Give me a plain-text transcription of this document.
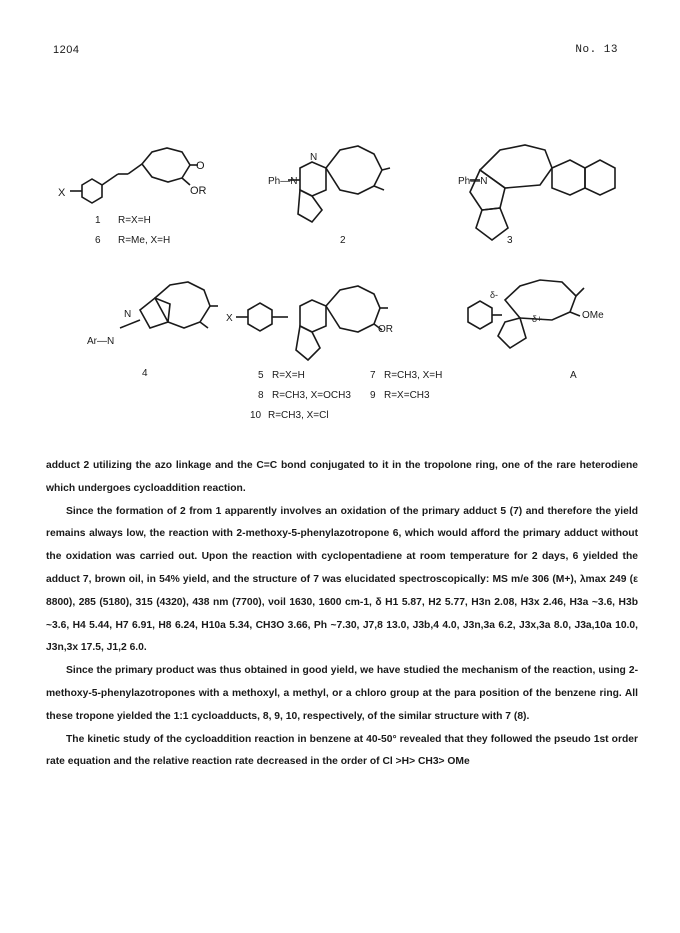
1204	No. 13
X
O
OR
1 R=X=H
6 R=Me, X=H
Ph—N
N
2
Ph—N
3
Ar—N
N
4
X
OR
5 R=X=H	7 R=CH3, X=H
8 R=CH3, X=OCH3 9 R=X=CH3
10 R=CH3, X=Cl
OMe
δ-
δ+
A

adduct 2 utilizing the azo linkage and the C=C bond conjugated to it in the tropolone ring, one of the rare heterodiene which undergoes cycloaddition reaction.

Since the formation of 2 from 1 apparently involves an oxidation of the primary adduct 5 (7) and therefore the yield remains always low, the reaction with 2-methoxy-5-phenylazotropone 6, which would afford the primary adduct without the oxidation was carried out. Upon the reaction with cyclopentadiene at room temperature for 2 days, 6 yielded the adduct 7, brown oil, in 54% yield, and the structure of 7 was elucidated spectroscopically: MS m/e 306 (M+), λmax 249 (ε 8800), 285 (5180), 315 (4320), 438 nm (7700), νoil 1630, 1600 cm-1, δ H1 5.87, H2 5.77, H3n 2.08, H3x 2.46, H3a ~3.6, H3b ~3.6, H4 5.44, H7 6.91, H8 6.24, H10a 5.34, CH3O 3.66, Ph ~7.30, J7,8 13.0, J3b,4 4.0, J3n,3a 6.2, J3x,3a 8.0, J3a,10a 10.0, J3n,3x 17.5, J1,2 6.0.

Since the primary product was thus obtained in good yield, we have studied the mechanism of the reaction, using 2-methoxy-5-phenylazotropones with a methoxyl, a methyl, or a chloro group at the para position of the benzene ring. All these tropone yielded the 1:1 cycloadducts, 8, 9, 10, respectively, of the similar structure with 7 (8).

The kinetic study of the cycloaddition reaction in benzene at 40-50° revealed that they followed the pseudo 1st order rate equation and the relative reaction rate decreased in the order of Cl >H> CH3> OMe
